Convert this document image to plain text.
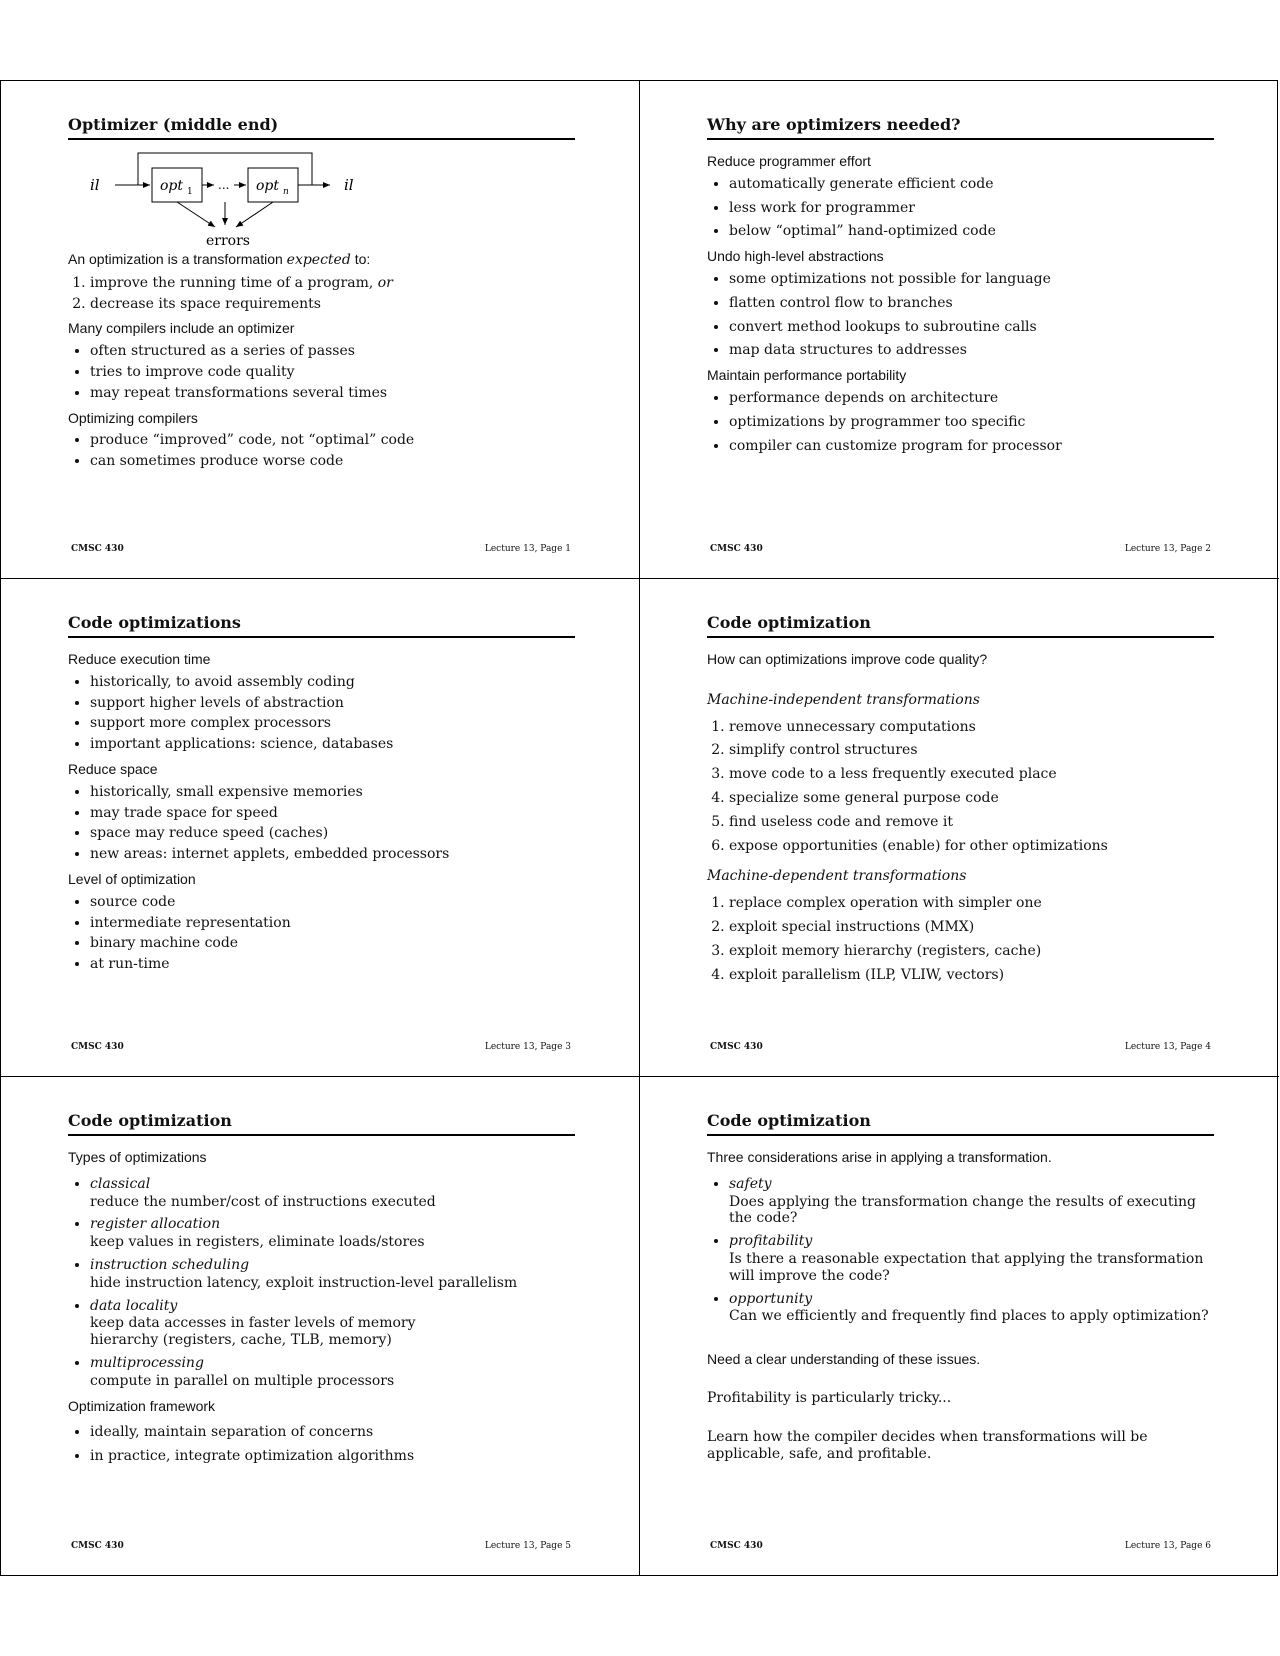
Optimizer (middle end)
il	opt 1 ... opt n	il
errors
An optimization is a transformation expected to:
1. improve the running time of a program, or
2. decrease its space requirements
Many compilers include an optimizer
• often structured as a series of passes
• tries to improve code quality
• may repeat transformations several times
Optimizing compilers
• produce “improved” code, not “optimal” code
• can sometimes produce worse code
CMSC 430	Lecture 13, Page 1
Why are optimizers needed?
Reduce programmer effort
• automatically generate efficient code
• less work for programmer
• below “optimal” hand-optimized code
Undo high-level abstractions
• some optimizations not possible for language
• flatten control flow to branches
• convert method lookups to subroutine calls
• map data structures to addresses
Maintain performance portability
• performance depends on architecture
• optimizations by programmer too specific
• compiler can customize program for processor
CMSC 430	Lecture 13, Page 2
Code optimizations
Reduce execution time
• historically, to avoid assembly coding
• support higher levels of abstraction
• support more complex processors
• important applications: science, databases
Reduce space
• historically, small expensive memories
• may trade space for speed
• space may reduce speed (caches)
• new areas: internet applets, embedded processors
Level of optimization
• source code
• intermediate representation
• binary machine code
• at run-time
CMSC 430	Lecture 13, Page 3
Code optimization
How can optimizations improve code quality?
Machine-independent transformations
1. remove unnecessary computations
2. simplify control structures
3. move code to a less frequently executed place
4. specialize some general purpose code
5. find useless code and remove it
6. expose opportunities (enable) for other optimizations
Machine-dependent transformations
1. replace complex operation with simpler one
2. exploit special instructions (MMX)
3. exploit memory hierarchy (registers, cache)
4. exploit parallelism (ILP, VLIW, vectors)
CMSC 430	Lecture 13, Page 4
Code optimization
Types of optimizations
• classical
reduce the number/cost of instructions executed
• register allocation
keep values in registers, eliminate loads/stores
• instruction scheduling
hide instruction latency, exploit instruction-level parallelism
• data locality
keep data accesses in faster levels of memory hierarchy (registers, cache, TLB, memory)
• multiprocessing
compute in parallel on multiple processors
Optimization framework
• ideally, maintain separation of concerns
• in practice, integrate optimization algorithms
CMSC 430	Lecture 13, Page 5
Code optimization
Three considerations arise in applying a transformation.
• safety
Does applying the transformation change the results of executing the code?
• profitability
Is there a reasonable expectation that applying the transformation will improve the code?
• opportunity
Can we efficiently and frequently find places to apply optimization?
Need a clear understanding of these issues.

Profitability is particularly tricky...

Learn how the compiler decides when transformations will be applicable, safe, and profitable.

CMSC 430	Lecture 13, Page 6
